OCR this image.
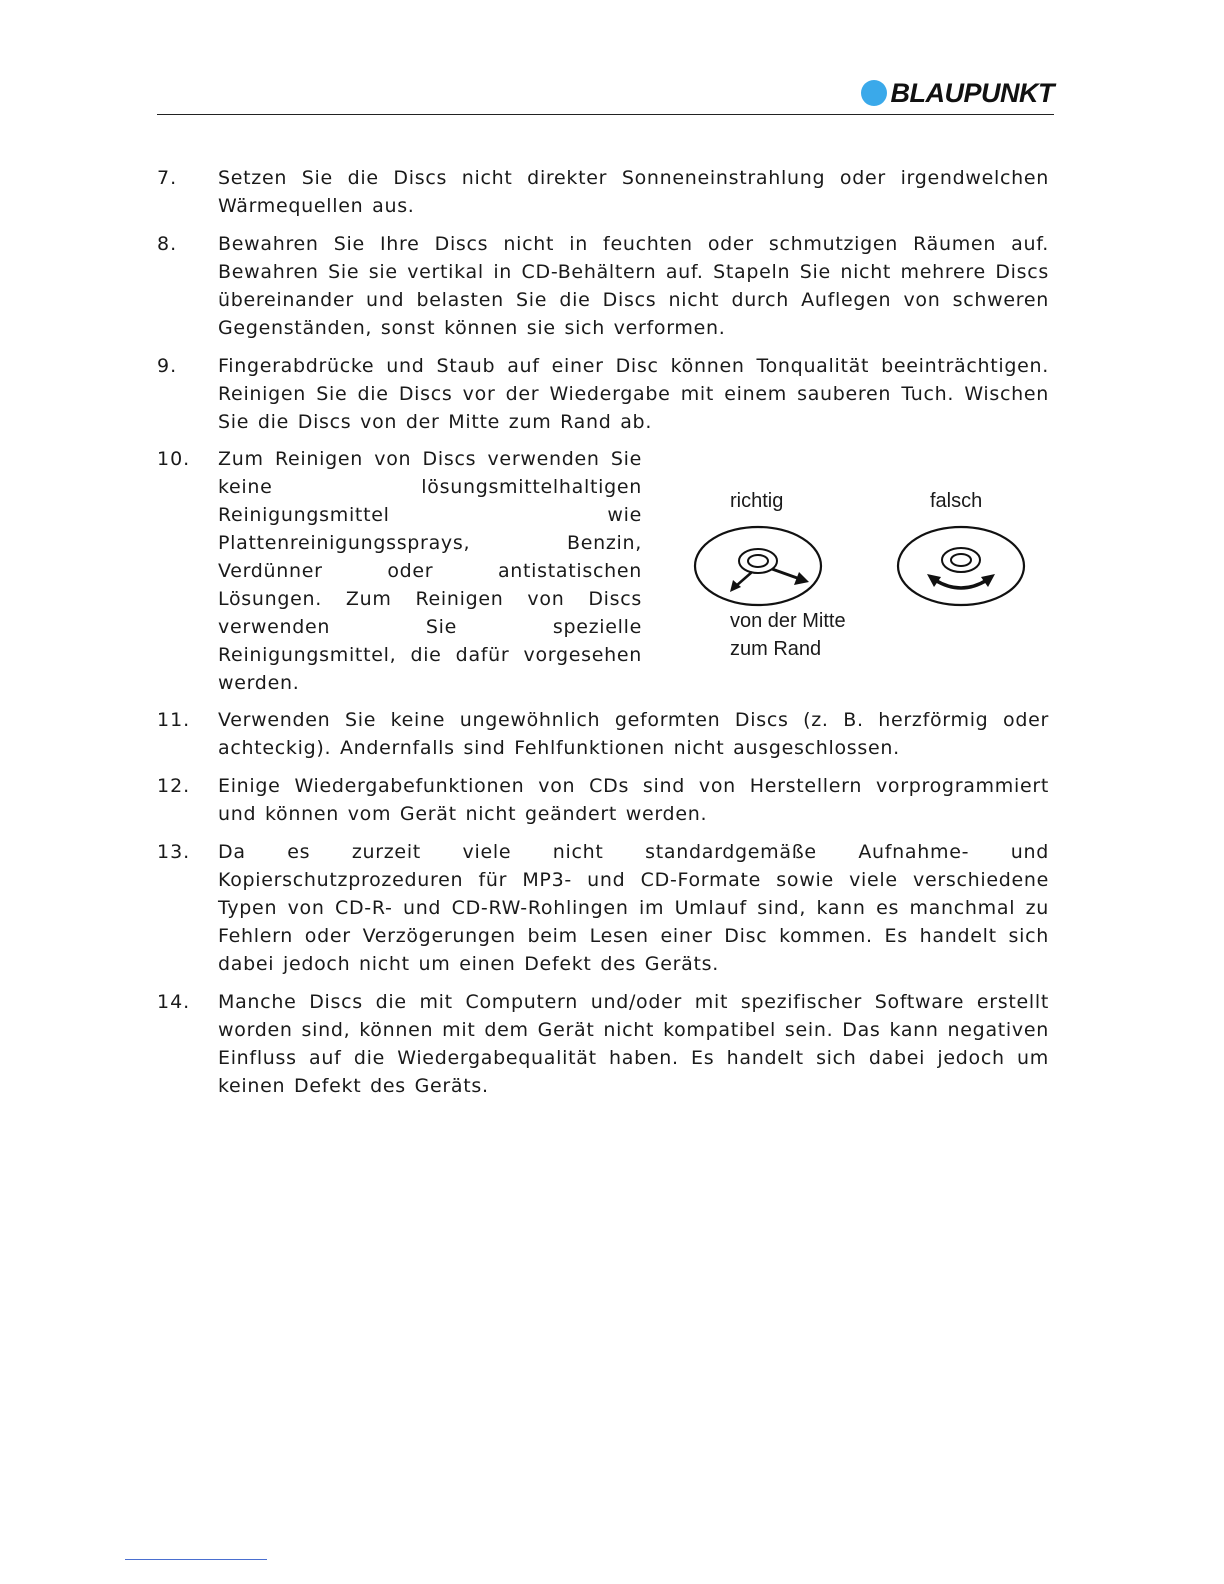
BLAUPUNKT
7.	Setzen Sie die Discs nicht direkter Sonneneinstrahlung oder irgendwelchen Wärmequellen aus.
8.	Bewahren Sie Ihre Discs nicht in feuchten oder schmutzigen Räumen auf. Bewahren Sie sie vertikal in CD-Behältern auf. Stapeln Sie nicht mehrere Discs übereinander und belasten Sie die Discs nicht durch Auflegen von schweren Gegenständen, sonst können sie sich verformen.
9.	Fingerabdrücke und Staub auf einer Disc können Tonqualität beeinträchtigen. Reinigen Sie die Discs vor der Wiedergabe mit einem sauberen Tuch. Wischen Sie die Discs von der Mitte zum Rand ab.
10.	Zum Reinigen von Discs verwenden Sie keine lösungsmittelhaltigen Reinigungsmittel wie Plattenreinigungssprays, Benzin, Verdünner oder antistatischen Lösungen. Zum Reinigen von Discs verwenden Sie spezielle Reinigungsmittel, die dafür vorgesehen werden.
richtig	falsch
von der Mitte
zum Rand
11.	Verwenden Sie keine ungewöhnlich geformten Discs (z. B. herzförmig oder achteckig). Andernfalls sind Fehlfunktionen nicht ausgeschlossen.
12.	Einige Wiedergabefunktionen von CDs sind von Herstellern vorprogrammiert und können vom Gerät nicht geändert werden.
13.	Da es zurzeit viele nicht standardgemäße Aufnahme- und Kopierschutzprozeduren für MP3- und CD-Formate sowie viele verschiedene Typen von CD-R- und CD-RW-Rohlingen im Umlauf sind, kann es manchmal zu Fehlern oder Verzögerungen beim Lesen einer Disc kommen. Es handelt sich dabei jedoch nicht um einen Defekt des Geräts.
14.	Manche Discs die mit Computern und/oder mit spezifischer Software erstellt worden sind, können mit dem Gerät nicht kompatibel sein. Das kann negativen Einfluss auf die Wiedergabequalität haben. Es handelt sich dabei jedoch um keinen Defekt des Geräts.
